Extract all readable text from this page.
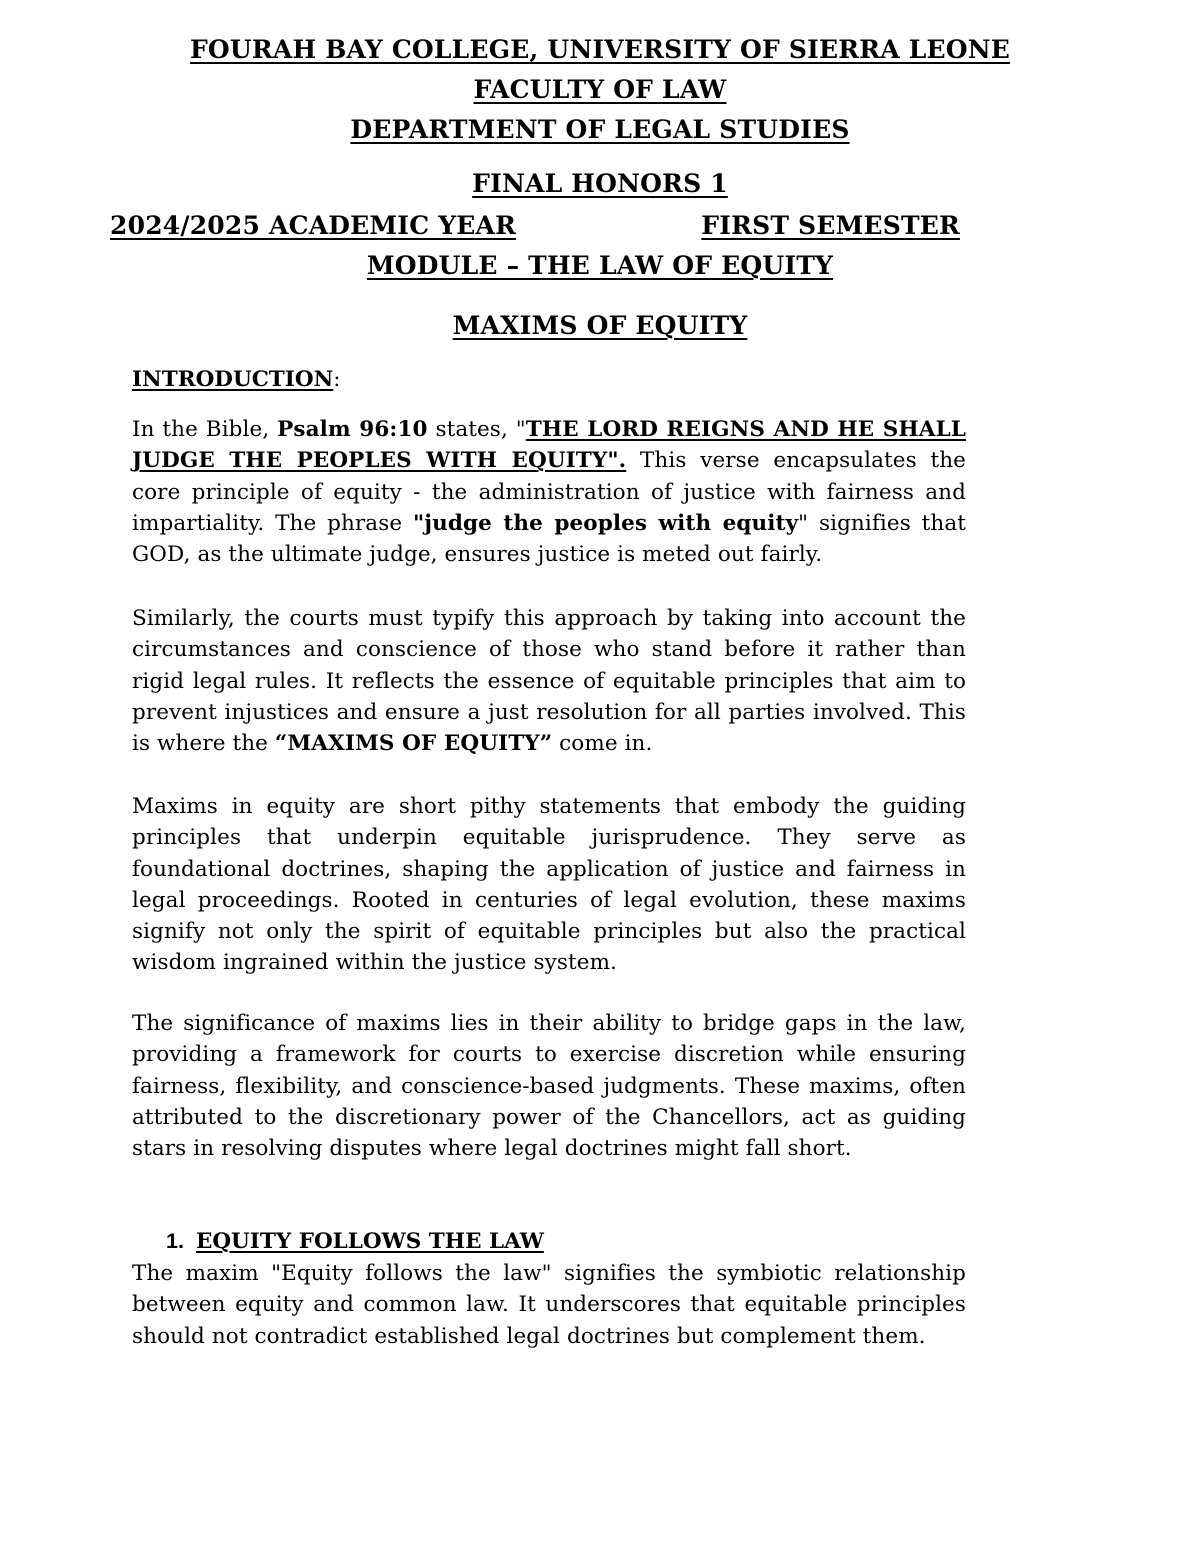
FOURAH BAY COLLEGE, UNIVERSITY OF SIERRA LEONE
FACULTY OF LAW
DEPARTMENT OF LEGAL STUDIES
FINAL HONORS 1
2024/2025 ACADEMIC YEAR	FIRST SEMESTER
MODULE – THE LAW OF EQUITY
MAXIMS OF EQUITY
INTRODUCTION:

In the Bible, Psalm 96:10 states, "THE LORD REIGNS AND HE SHALL JUDGE THE PEOPLES WITH EQUITY". This verse encapsulates the core principle of equity - the administration of justice with fairness and impartiality. The phrase "judge the peoples with equity" signifies that GOD, as the ultimate judge, ensures justice is meted out fairly.

Similarly, the courts must typify this approach by taking into account the circumstances and conscience of those who stand before it rather than rigid legal rules. It reflects the essence of equitable principles that aim to prevent injustices and ensure a just resolution for all parties involved. This is where the “MAXIMS OF EQUITY” come in.

Maxims in equity are short pithy statements that embody the guiding principles that underpin equitable jurisprudence. They serve as foundational doctrines, shaping the application of justice and fairness in legal proceedings. Rooted in centuries of legal evolution, these maxims signify not only the spirit of equitable principles but also the practical wisdom ingrained within the justice system.

The significance of maxims lies in their ability to bridge gaps in the law, providing a framework for courts to exercise discretion while ensuring fairness, flexibility, and conscience-based judgments. These maxims, often attributed to the discretionary power of the Chancellors, act as guiding stars in resolving disputes where legal doctrines might fall short.

1. EQUITY FOLLOWS THE LAW

The maxim "Equity follows the law" signifies the symbiotic relationship between equity and common law. It underscores that equitable principles should not contradict established legal doctrines but complement them.
